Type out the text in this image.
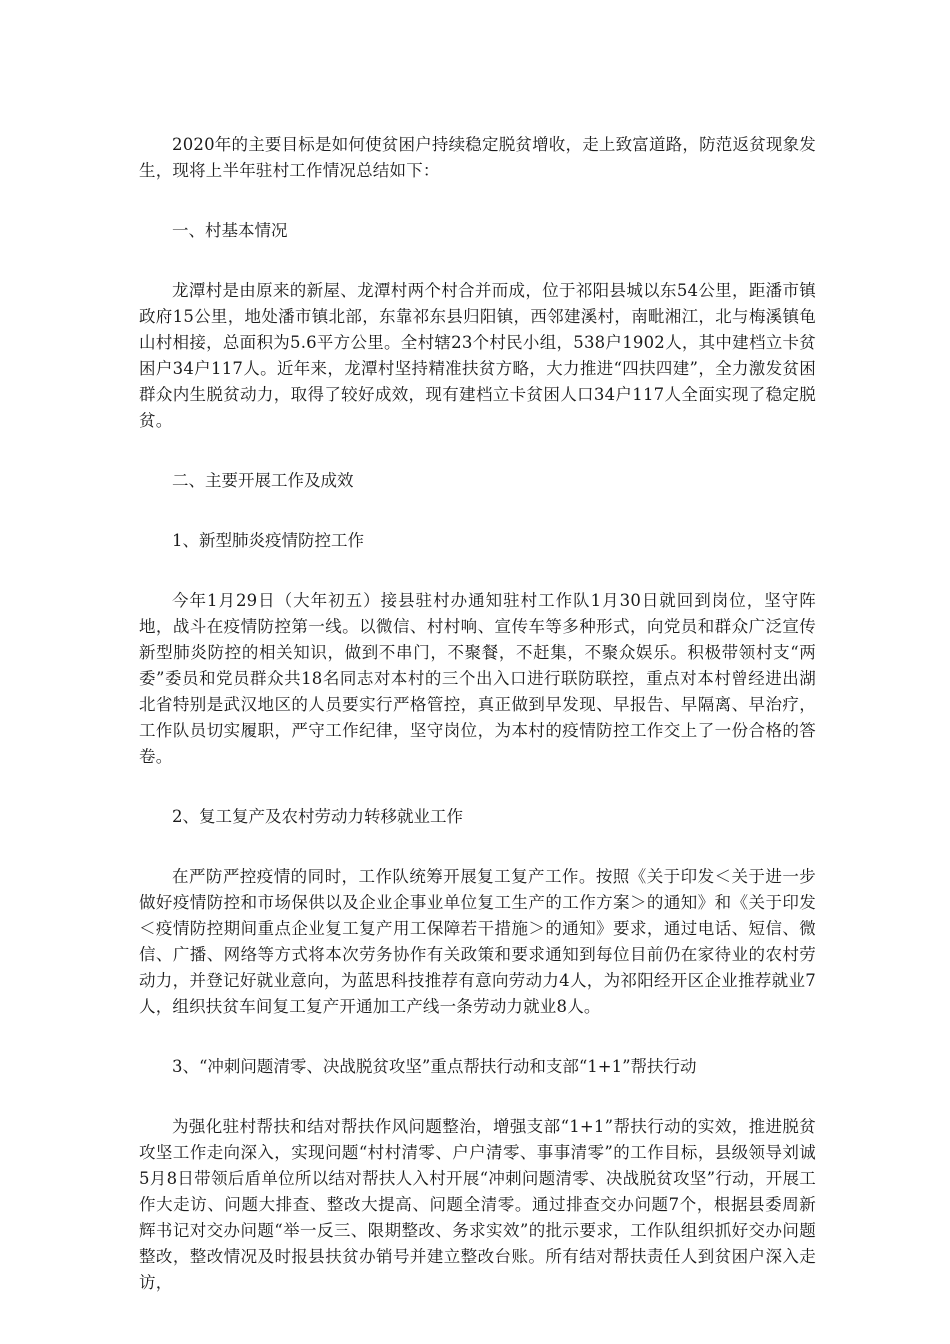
2020年的主要目标是如何使贫困户持续稳定脱贫增收，走上致富道路，防范返贫现象发生，现将上半年驻村工作情况总结如下：

一、村基本情况

龙潭村是由原来的新屋、龙潭村两个村合并而成，位于祁阳县城以东54公里，距潘市镇政府15公里，地处潘市镇北部，东靠祁东县归阳镇，西邻建溪村，南毗湘江，北与梅溪镇龟山村相接，总面积为5.6平方公里。全村辖23个村民小组，538户1902人，其中建档立卡贫困户34户117人。近年来，龙潭村坚持精准扶贫方略，大力推进“四扶四建”，全力激发贫困群众内生脱贫动力，取得了较好成效，现有建档立卡贫困人口34户117人全面实现了稳定脱贫。

二、主要开展工作及成效

1、新型肺炎疫情防控工作

今年1月29日（大年初五）接县驻村办通知驻村工作队1月30日就回到岗位，坚守阵地，战斗在疫情防控第一线。以微信、村村响、宣传车等多种形式，向党员和群众广泛宣传新型肺炎防控的相关知识，做到不串门，不聚餐，不赶集，不聚众娱乐。积极带领村支“两委”委员和党员群众共18名同志对本村的三个出入口进行联防联控，重点对本村曾经进出湖北省特别是武汉地区的人员要实行严格管控，真正做到早发现、早报告、早隔离、早治疗，工作队员切实履职，严守工作纪律，坚守岗位，为本村的疫情防控工作交上了一份合格的答卷。

2、复工复产及农村劳动力转移就业工作

在严防严控疫情的同时，工作队统筹开展复工复产工作。按照《关于印发＜关于进一步做好疫情防控和市场保供以及企业企事业单位复工生产的工作方案＞的通知》和《关于印发＜疫情防控期间重点企业复工复产用工保障若干措施＞的通知》要求，通过电话、短信、微信、广播、网络等方式将本次劳务协作有关政策和要求通知到每位目前仍在家待业的农村劳动力，并登记好就业意向，为蓝思科技推荐有意向劳动力4人，为祁阳经开区企业推荐就业7人，组织扶贫车间复工复产开通加工产线一条劳动力就业8人。

3、“冲刺问题清零、决战脱贫攻坚”重点帮扶行动和支部“1+1”帮扶行动

为强化驻村帮扶和结对帮扶作风问题整治，增强支部“1+1”帮扶行动的实效，推进脱贫攻坚工作走向深入，实现问题“村村清零、户户清零、事事清零”的工作目标，县级领导刘诚5月8日带领后盾单位所以结对帮扶人入村开展“冲刺问题清零、决战脱贫攻坚”行动，开展工作大走访、问题大排查、整改大提高、问题全清零。通过排查交办问题7个，根据县委周新辉书记对交办问题“举一反三、限期整改、务求实效”的批示要求，工作队组织抓好交办问题整改，整改情况及时报县扶贫办销号并建立整改台账。所有结对帮扶责任人到贫困户深入走访，
